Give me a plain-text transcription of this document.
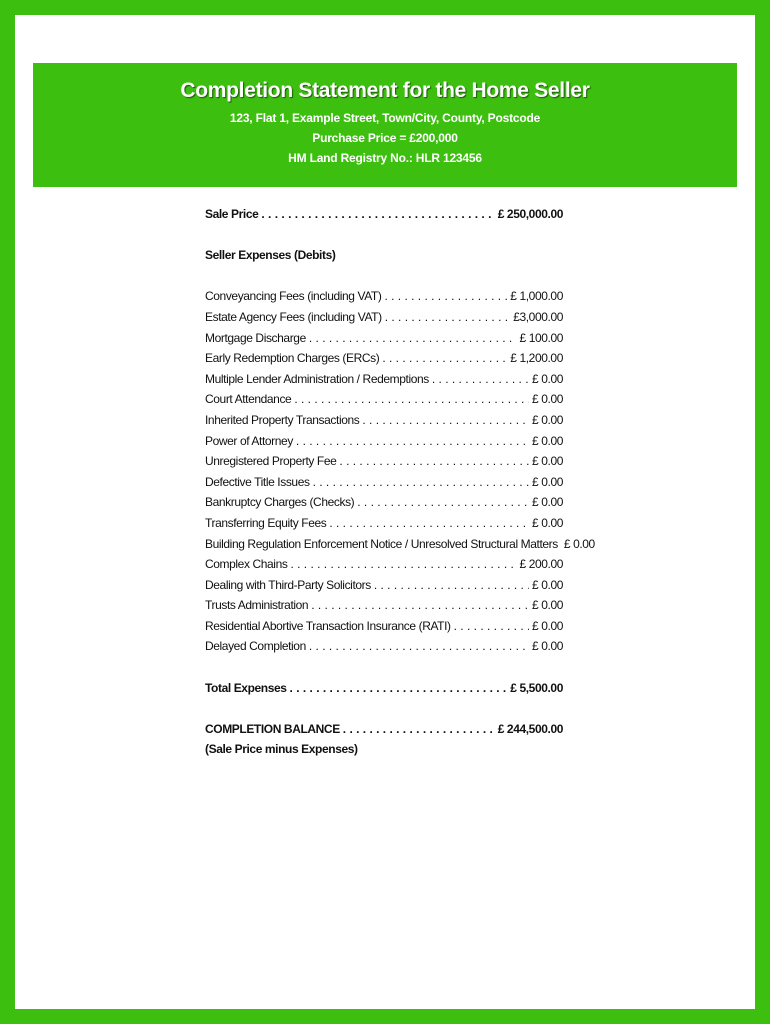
Completion Statement for the Home Seller
123, Flat 1, Example Street, Town/City, County, Postcode
Purchase Price = £200,000
HM Land Registry No.: HLR 123456
Sale Price . . .	£ 250,000.00
Seller Expenses (Debits)
Conveyancing Fees (including VAT) . . .	£ 1,000.00
Estate Agency Fees (including VAT) . . .	£3,000.00
Mortgage Discharge . . .	£ 100.00
Early Redemption Charges (ERCs) . . .	£ 1,200.00
Multiple Lender Administration / Redemptions . . .	£ 0.00
Court Attendance . . .	£ 0.00
Inherited Property Transactions . . .	£ 0.00
Power of Attorney . . .	£ 0.00
Unregistered Property Fee . . .	£ 0.00
Defective Title Issues . . .	£ 0.00
Bankruptcy Charges (Checks) . . .	£ 0.00
Transferring Equity Fees . . .	£ 0.00
Building Regulation Enforcement Notice / Unresolved Structural Matters £ 0.00
Complex Chains . . .	£ 200.00
Dealing with Third-Party Solicitors . . .	£ 0.00
Trusts Administration . . .	£ 0.00
Residential Abortive Transaction Insurance (RATI) . . .	£ 0.00
Delayed Completion . . .	£ 0.00
Total Expenses . . .	£ 5,500.00
COMPLETION BALANCE . . .	£ 244,500.00
(Sale Price minus Expenses)
